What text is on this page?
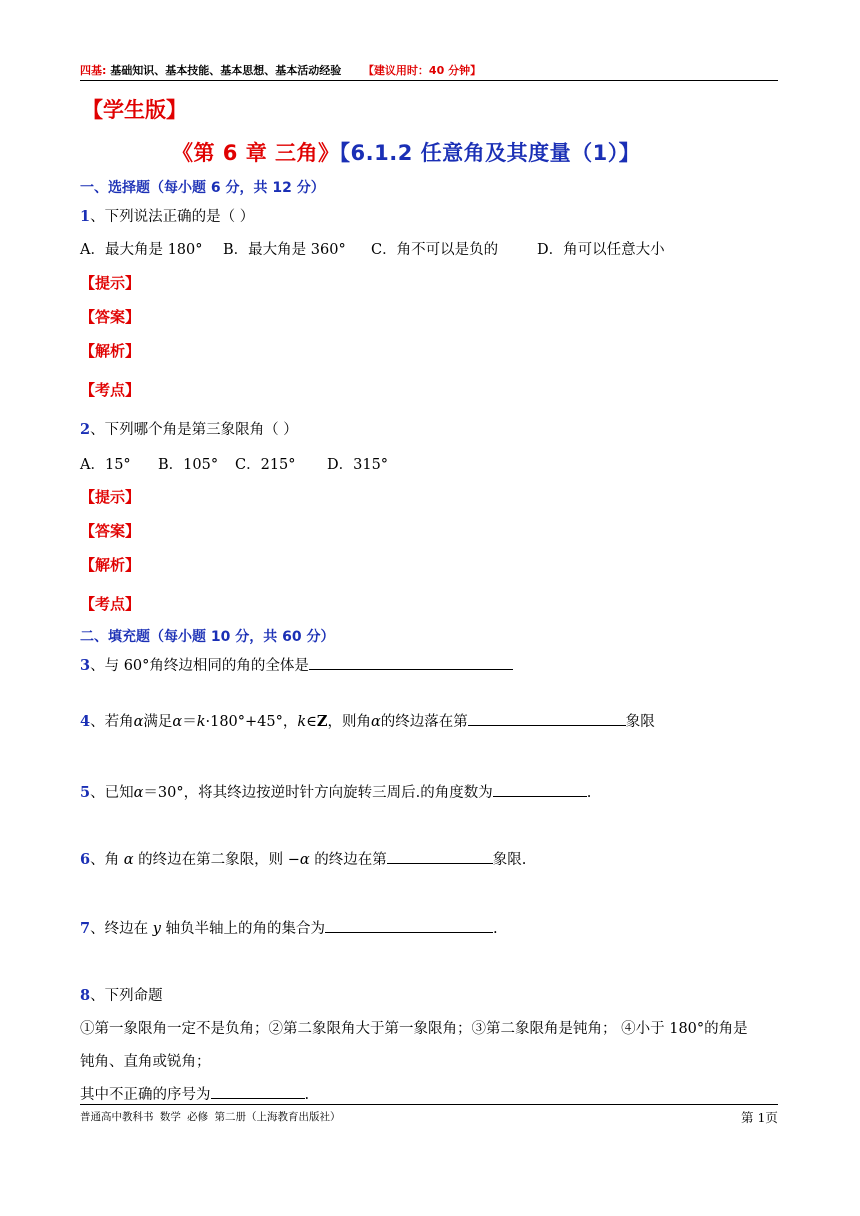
四基: 基础知识、基本技能、基本思想、基本活动经验 【建议用时：40 分钟】
【学生版】
《第 6 章 三角》【6.1.2 任意角及其度量（1）】
一、选择题（每小题 6 分，共 12 分）
1、下列说法正确的是（ ）
A．最大角是 180° B．最大角是 360° C．角不可以是负的	D．角可以任意大小
【提示】
【答案】
【解析】
【考点】
2、下列哪个角是第三象限角（ ）
A．15° B．105° C．215° D．315°
【提示】
【答案】
【解析】
【考点】
二、填充题（每小题 10 分，共 60 分）
3、与 60°角终边相同的角的全体是
4、若角α满足α＝k·180°+45°，k∈Z，则角α的终边落在第	象限
5、已知α＝30°，将其终边按逆时针方向旋转三周后.的角度数为	.
6、角 α 的终边在第二象限，则 −α 的终边在第	象限.
7、终边在 y 轴负半轴上的角的集合为	.
8、下列命题
①第一象限角一定不是负角；②第二象限角大于第一象限角；③第二象限角是钝角； ④小于 180°的角是
钝角、直角或锐角；
其中不正确的序号为	.
普通高中教科书 数学 必修 第二册（上海教育出版社）	第 1页
